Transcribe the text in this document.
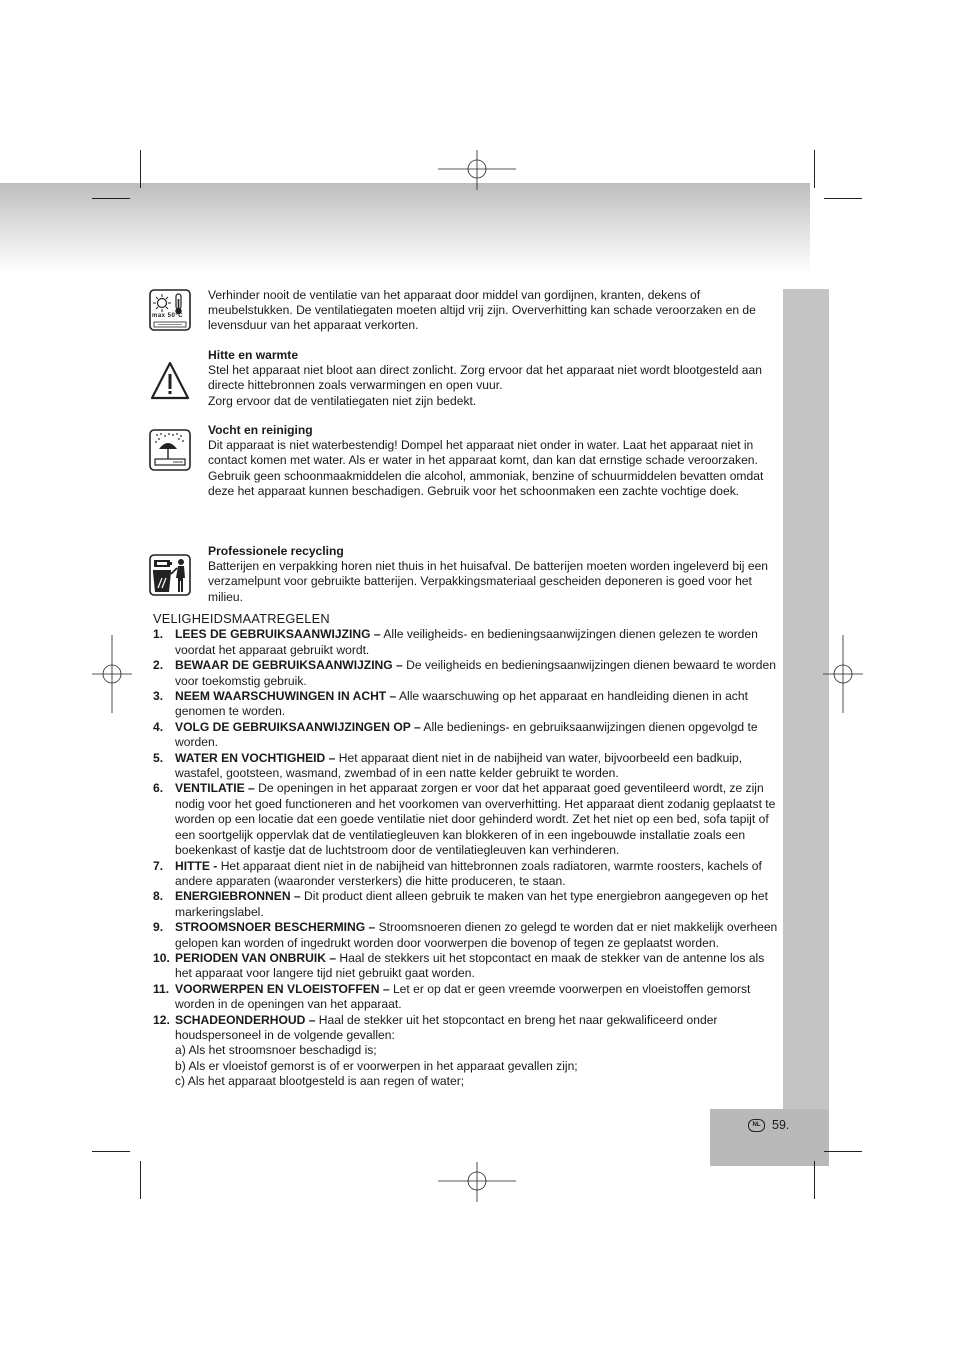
max 50°C

Verhinder nooit de ventilatie van het apparaat door middel van gordijnen, kranten, dekens of meubelstukken. De ventilatiegaten moeten altijd vrij zijn. Oververhitting kan schade veroorzaken en de levensduur van het apparaat verkorten.

Hitte en warmte

Stel het apparaat niet bloot aan direct zonlicht. Zorg ervoor dat het apparaat niet wordt blootgesteld aan directe hittebronnen zoals verwarmingen en open vuur.

Zorg ervoor dat de ventilatiegaten niet zijn bedekt.

Vocht en reiniging

Dit apparaat is niet waterbestendig! Dompel het apparaat niet onder in water. Laat het apparaat niet in contact komen met water. Als er water in het apparaat komt, dan kan dat ernstige schade veroorzaken.

Gebruik geen schoonmaakmiddelen die alcohol, ammoniak, benzine of schuurmiddelen bevatten omdat deze het apparaat kunnen beschadigen. Gebruik voor het schoonmaken een zachte vochtige doek.

Professionele recycling

Batterijen en verpakking horen niet thuis in het huisafval. De batterijen moeten worden ingeleverd bij een verzamelpunt voor gebruikte batterijen. Verpakkingsmateriaal gescheiden deponeren is goed voor het milieu.

VELIGHEIDSMAATREGELEN
1. LEES DE GEBRUIKSAANWIJZING – Alle veiligheids- en bedieningsaanwijzingen dienen gelezen te worden voordat het apparaat gebruikt wordt.
2. BEWAAR DE GEBRUIKSAANWIJZING – De veiligheids en bedieningsaanwijzingen dienen bewaard te worden voor toekomstig gebruik.
3. NEEM WAARSCHUWINGEN IN ACHT – Alle waarschuwing op het apparaat en handleiding dienen in acht genomen te worden.
4. VOLG DE GEBRUIKSAANWIJZINGEN OP – Alle bedienings- en gebruiksaanwijzingen dienen opgevolgd te worden.
5. WATER EN VOCHTIGHEID – Het apparaat dient niet in de nabijheid van water, bijvoorbeeld een badkuip, wastafel, gootsteen, wasmand, zwembad of in een natte kelder gebruikt te worden.
6. VENTILATIE – De openingen in het apparaat zorgen er voor dat het apparaat goed geventileerd wordt, ze zijn nodig voor het goed functioneren and het voorkomen van oververhitting. Het apparaat dient zodanig geplaatst te worden op een locatie dat een goede ventilatie niet door gehinderd wordt. Zet het niet op een bed, sofa tapijt of een soortgelijk oppervlak dat de ventilatiegleuven kan blokkeren of in een ingebouwde installatie zoals een boekenkast of kastje dat de luchtstroom door de ventilatiegleuven kan verhinderen.
7. HITTE - Het apparaat dient niet in de nabijheid van hittebronnen zoals radiatoren, warmte roosters, kachels of andere apparaten (waaronder versterkers) die hitte produceren, te staan.
8. ENERGIEBRONNEN – Dit product dient alleen gebruik te maken van het type energiebron aangegeven op het markeringslabel.
9. STROOMSNOER BESCHERMING – Stroomsnoeren dienen zo gelegd te worden dat er niet makkelijk overheen gelopen kan worden of ingedrukt worden door voorwerpen die bovenop of tegen ze geplaatst worden.
10. PERIODEN VAN ONBRUIK – Haal de stekkers uit het stopcontact en maak de stekker van de antenne los als het apparaat voor langere tijd niet gebruikt gaat worden.
11. VOORWERPEN EN VLOEISTOFFEN – Let er op dat er geen vreemde voorwerpen en vloeistoffen gemorst worden in de openingen van het apparaat.
12. SCHADEONDERHOUD – Haal de stekker uit het stopcontact en breng het naar gekwalificeerd onder houdspersoneel in de volgende gevallen:
a) Als het stroomsnoer beschadigd is;
b) Als er vloeistof gemorst is of er voorwerpen in het apparaat gevallen zijn;
c) Als het apparaat blootgesteld is aan regen of water;
NL 59.
